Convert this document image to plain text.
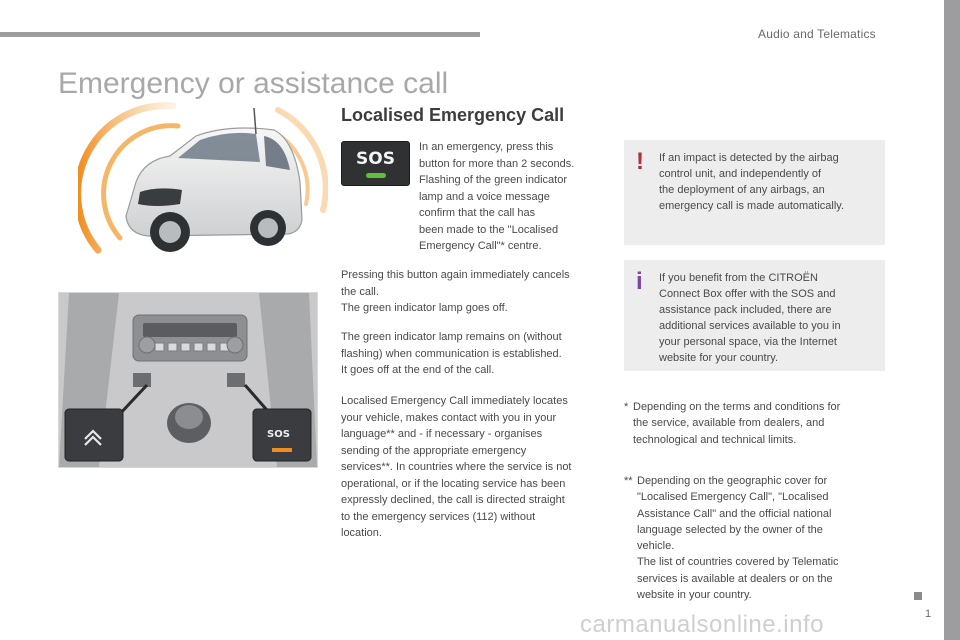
Audio and Telematics
Emergency or assistance call
Localised Emergency Call
SOS
SOS
In an emergency, press this
button for more than 2 seconds.
Flashing of the green indicator
lamp and a voice message
confirm that the call has
been made to the "Localised
Emergency Call"* centre.
Pressing this button again immediately cancels
the call.
The green indicator lamp goes off.
The green indicator lamp remains on (without
flashing) when communication is established.
It goes off at the end of the call.
Localised Emergency Call immediately locates
your vehicle, makes contact with you in your
language** and - if necessary - organises
sending of the appropriate emergency
services**. In countries where the service is not
operational, or if the locating service has been
expressly declined, the call is directed straight
to the emergency services (112) without
location.
! If an impact is detected by the airbag
control unit, and independently of
the deployment of any airbags, an
emergency call is made automatically.
i If you benefit from the CITROËN
Connect Box offer with the SOS and
assistance pack included, there are
additional services available to you in
your personal space, via the Internet
website for your country.
* Depending on the terms and conditions for
the service, available from dealers, and
technological and technical limits.
** Depending on the geographic cover for
"Localised Emergency Call", "Localised
Assistance Call" and the official national
language selected by the owner of the
vehicle.
The list of countries covered by Telematic
services is available at dealers or on the
website in your country.
1
carmanualsonline.info
